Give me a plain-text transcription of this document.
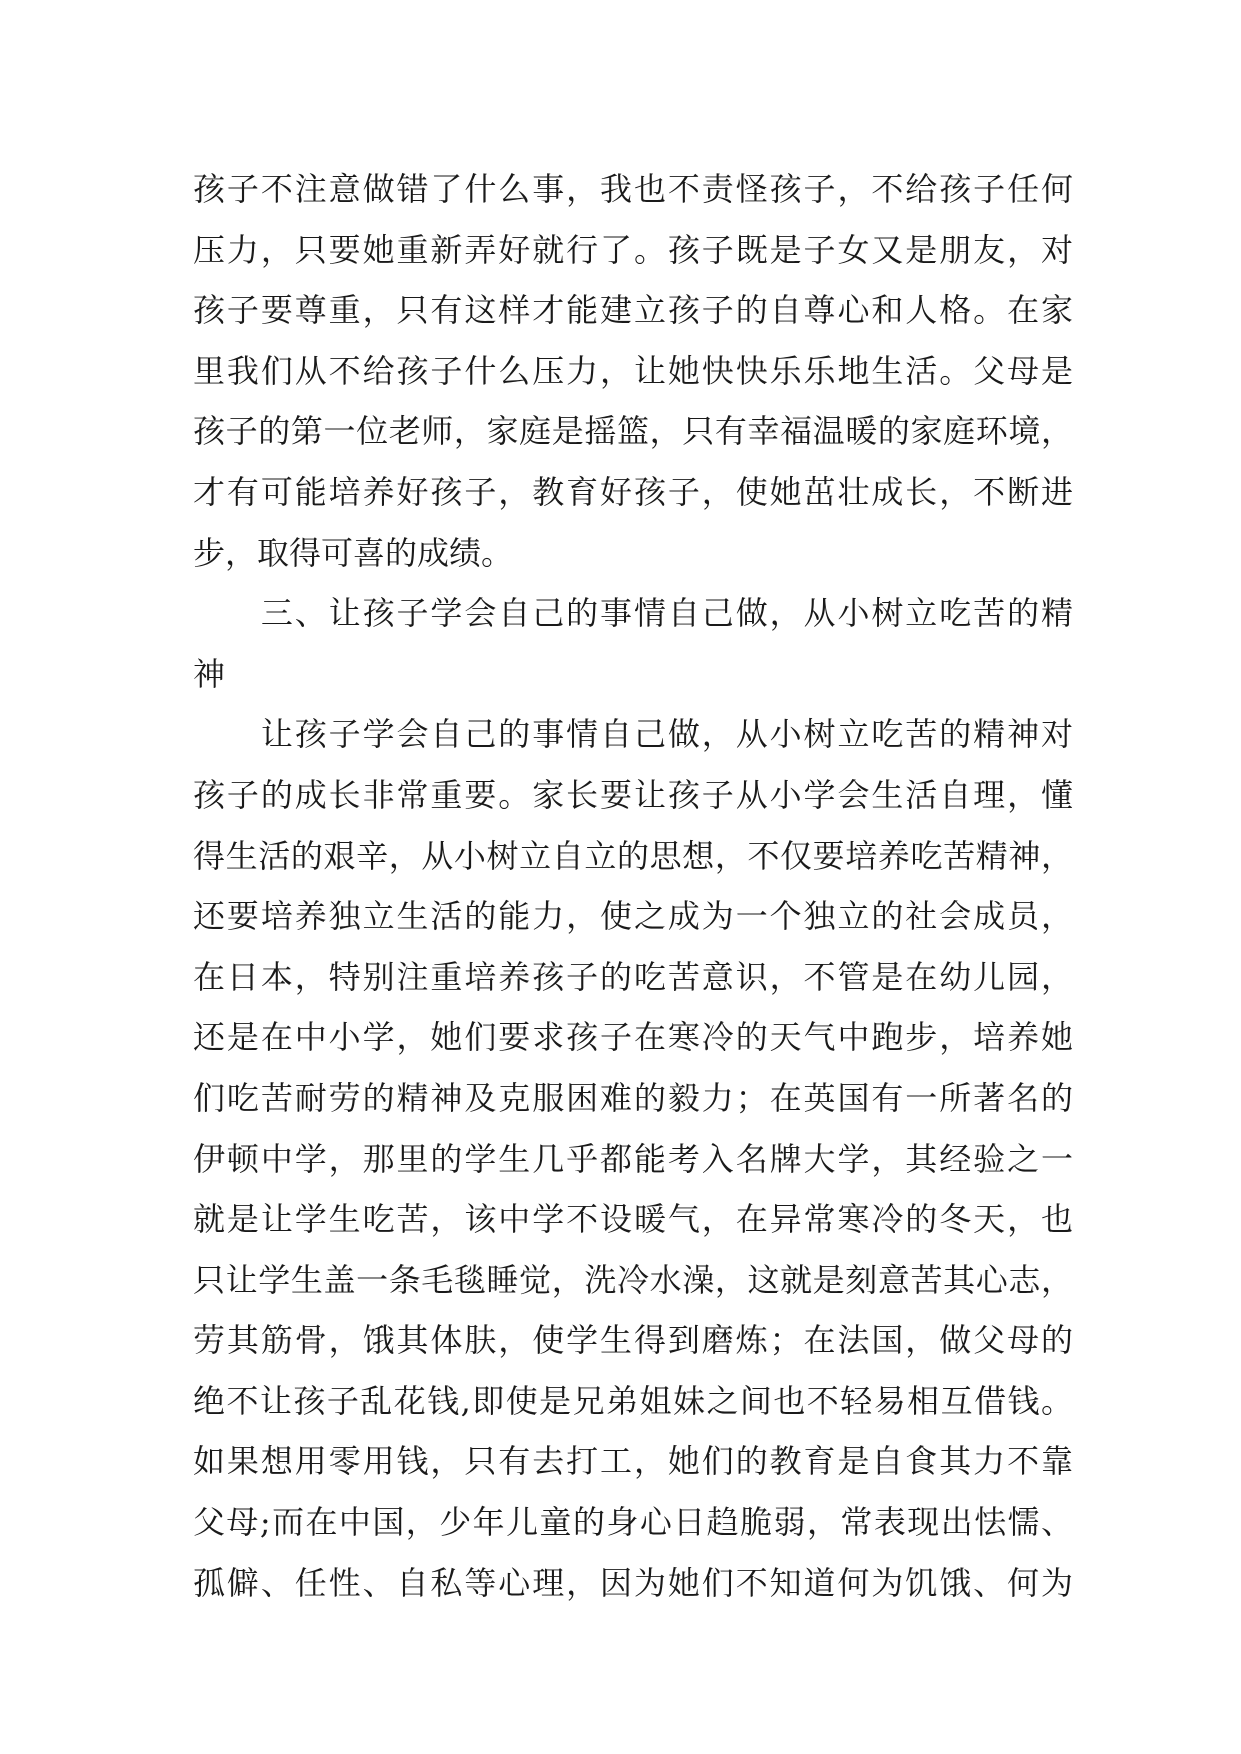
孩子不注意做错了什么事，我也不责怪孩子，不给孩子任何
压力，只要她重新弄好就行了。孩子既是子女又是朋友，对
孩子要尊重，只有这样才能建立孩子的自尊心和人格。在家
里我们从不给孩子什么压力，让她快快乐乐地生活。父母是
孩子的第一位老师，家庭是摇篮，只有幸福温暖的家庭环境，
才有可能培养好孩子，教育好孩子，使她茁壮成长，不断进
步，取得可喜的成绩。
　　三、让孩子学会自己的事情自己做，从小树立吃苦的精
神
　　让孩子学会自己的事情自己做，从小树立吃苦的精神对
孩子的成长非常重要。家长要让孩子从小学会生活自理，懂
得生活的艰辛，从小树立自立的思想，不仅要培养吃苦精神，
还要培养独立生活的能力，使之成为一个独立的社会成员，
在日本，特别注重培养孩子的吃苦意识，不管是在幼儿园，
还是在中小学，她们要求孩子在寒冷的天气中跑步，培养她
们吃苦耐劳的精神及克服困难的毅力；在英国有一所著名的
伊顿中学，那里的学生几乎都能考入名牌大学，其经验之一
就是让学生吃苦，该中学不设暖气，在异常寒冷的冬天，也
只让学生盖一条毛毯睡觉，洗冷水澡，这就是刻意苦其心志，
劳其筋骨，饿其体肤，使学生得到磨炼；在法国，做父母的
绝不让孩子乱花钱,即使是兄弟姐妹之间也不轻易相互借钱。
如果想用零用钱，只有去打工，她们的教育是自食其力不靠
父母;而在中国，少年儿童的身心日趋脆弱，常表现出怯懦、
孤僻、任性、自私等心理，因为她们不知道何为饥饿、何为
